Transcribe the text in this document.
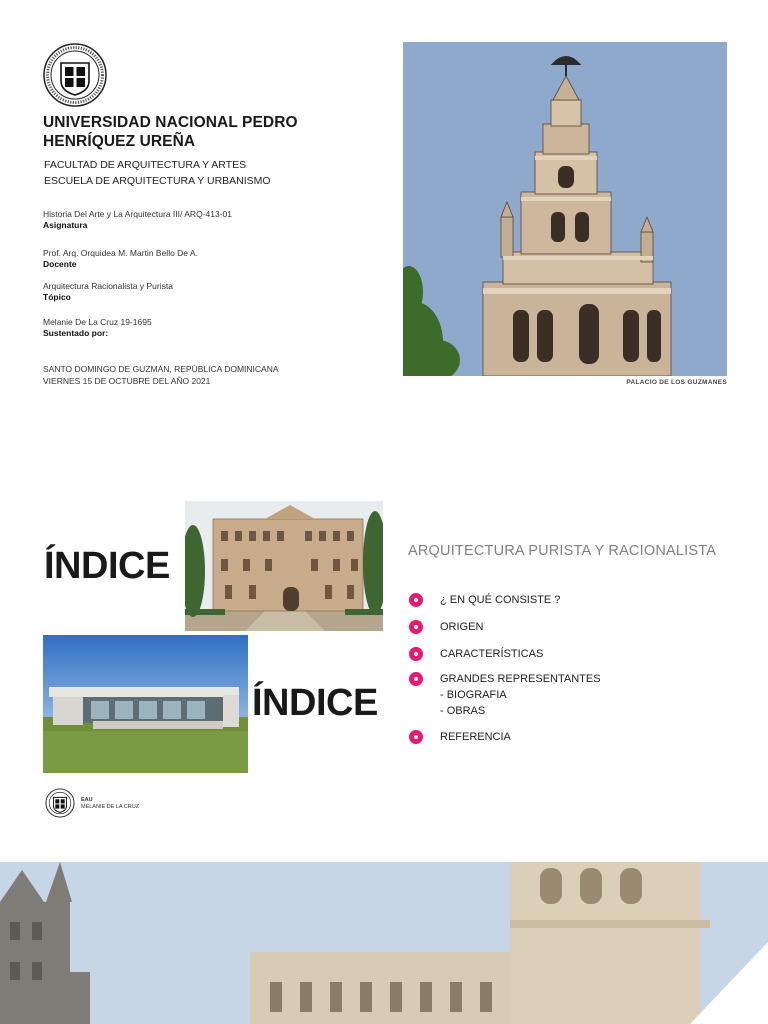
UNIVERSIDAD NACIONAL PEDRO HENRÍQUEZ UREÑA
FACULTAD DE ARQUITECTURA Y ARTES
ESCUELA DE ARQUITECTURA Y URBANISMO
Historia Del Arte y La Arquitectura III/ ARQ-413-01
Asignatura
Prof. Arq. Orquidea M. Martin Bello De A.
Docente
Arquitectura Racionalista y Purista
Tópico
Melanie De La Cruz 19-1695
Sustentado por:
SANTO DOMINGO DE GUZMÁN, REPÚBLICA DOMINICANA
VIERNES 15 DE OCTUBRE DEL AÑO 2021	PALACIO DE LOS GUZMANES
ÍNDICE
ÍNDICE
ARQUITECTURA PURISTA Y RACIONALISTA
¿ EN QUÉ CONSISTE ?
ORIGEN
CARACTERÍSTICAS
GRANDES REPRESENTANTES
- BIOGRAFIA
- OBRAS
REFERENCIA
EAU
MELANIE DE LA CRUZ
